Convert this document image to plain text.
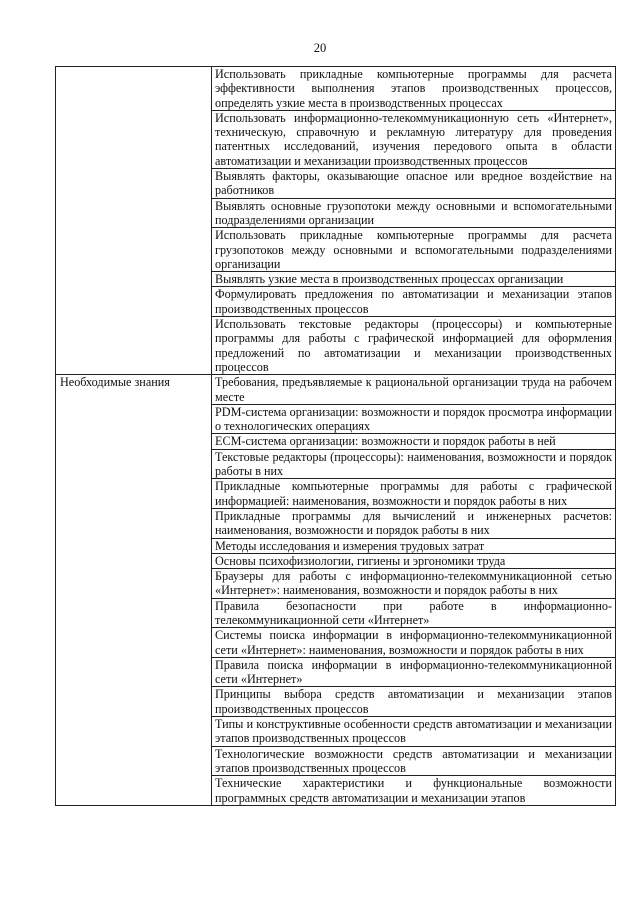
20
	Использовать прикладные компьютерные программы для расчета эффективности выполнения этапов производственных процессов, определять узкие места в производственных процессах
	Использовать информационно-телекоммуникационную сеть «Интернет», техническую, справочную и рекламную литературу для проведения патентных исследований, изучения передового опыта в области автоматизации и механизации производственных процессов
	Выявлять факторы, оказывающие опасное или вредное воздействие на работников
	Выявлять основные грузопотоки между основными и вспомогательными подразделениями организации
	Использовать прикладные компьютерные программы для расчета грузопотоков между основными и вспомогательными подразделениями организации
	Выявлять узкие места в производственных процессах организации
	Формулировать предложения по автоматизации и механизации этапов производственных процессов
	Использовать текстовые редакторы (процессоры) и компьютерные программы для работы с графической информацией для оформления предложений по автоматизации и механизации производственных процессов
Необходимые знания	Требования, предъявляемые к рациональной организации труда на рабочем месте
	PDM-система организации: возможности и порядок просмотра информации о технологических операциях
	ECM-система организации: возможности и порядок работы в ней
	Текстовые редакторы (процессоры): наименования, возможности и порядок работы в них
	Прикладные компьютерные программы для работы с графической информацией: наименования, возможности и порядок работы в них
	Прикладные программы для вычислений и инженерных расчетов: наименования, возможности и порядок работы в них
	Методы исследования и измерения трудовых затрат
	Основы психофизиологии, гигиены и эргономики труда
	Браузеры для работы с информационно-телекоммуникационной сетью «Интернет»: наименования, возможности и порядок работы в них
	Правила безопасности при работе в информационно-телекоммуникационной сети «Интернет»
	Системы поиска информации в информационно-телекоммуникационной сети «Интернет»: наименования, возможности и порядок работы в них
	Правила поиска информации в информационно-телекоммуникационной сети «Интернет»
	Принципы выбора средств автоматизации и механизации этапов производственных процессов
	Типы и конструктивные особенности средств автоматизации и механизации этапов производственных процессов
	Технологические возможности средств автоматизации и механизации этапов производственных процессов
	Технические характеристики и функциональные возможности программных средств автоматизации и механизации этапов
